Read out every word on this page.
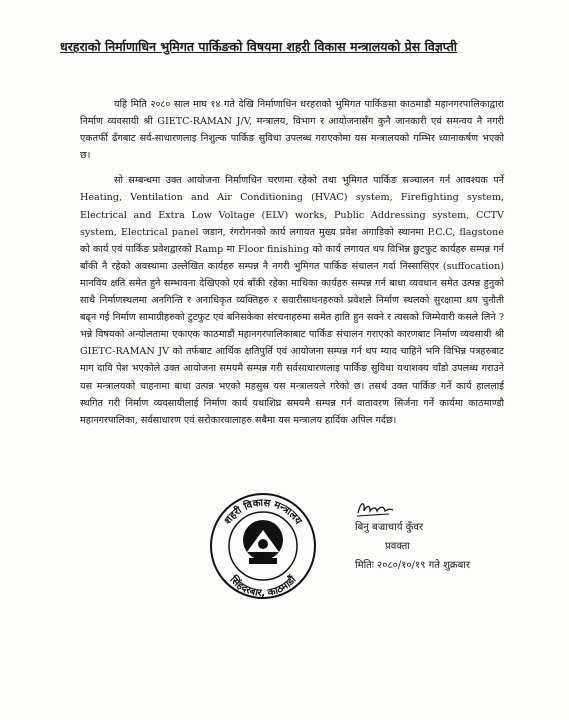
धरहराको निर्माणाधिन भुमिगत पार्किङको विषयमा शहरी विकास मन्त्रालयको प्रेस विज्ञप्ती

यहि मिति २०८० साल माघ १४ गते देखि निर्माणाधिन धरहराको भुमिगत पार्किङमा काठमाडौ महानगरपालिकाद्वारा निर्माण व्यवसायी श्री GIETC-RAMAN J/V, मन्त्रालय, विभाग र आयोजनासँग कुनै जानकारी एवं समन्वय नै नगरी एकतर्फी ढँगबाट सर्व-साधारणलाइ निशुल्क पार्किङ सुविधा उपलब्ध गराएकोमा यस मन्त्रालयको गम्भिर ध्यानाकर्षण भएको छ।

सो सम्बन्धमा उक्त आयोजना निर्माणधिन चरणमा रहेको तथा भुमिगत पार्किङ सञ्चालन गर्न आवश्यक पर्ने Heating, Ventilation and Air Conditioning (HVAC) system, Firefighting system, Electrical and Extra Low Voltage (ELV) works, Public Addressing system, CCTV system, Electrical panel जडान, रंगरोगनको कार्य लगायत मुख्य प्रवेश अगाडिको स्थानमा P.C.C, flagstone को कार्य एवं पार्किङ प्रवेशद्वारको Ramp मा Floor finishing को कार्य लगायत थप विभिन्न छुटफुट कार्यहरु सम्पन्न गर्न बाँकी नै रहेको अवस्थामा उल्लेखित कार्यहरु सम्पन्न नै नगरी भुमिगत पार्किङ संचालन गर्दा निस्सासिएर (suffocation) मानविय क्षति समेत हुने सम्भावना देखिएको एवं बाँकी रहेका माथिका कार्यहरु सम्पन्न गर्न बाधा व्यवधान समेत उत्पन्न हुनुको साथै निर्माणस्थलमा अनगिन्ति र अनाधिकृत व्यक्तिहरु र सवारीसाधनहरुको प्रवेशले निर्माण स्थलको सुरक्षामा थप चुनौती बढ्न गई निर्माण सामाग्रीहरुको टुटफुट एवं बनिसकेका संरचनाहरुमा समेत हाति हुन सक्ने र त्यसको जिम्मेवारी कसले लिने ? भन्ने विषयको अन्योलतामा एकाएक काठमाडौं महानगरपालिकाबाट पार्किङ संचालन गराएको कारणबाट निर्माण व्यवसायी श्री GIETC-RAMAN JV को तर्फबाट आर्थिक क्षतिपुर्ति एवं आयोजना सम्पन्न गर्न थप म्याद चाहिने भनि विभिन्न पत्रहरुबाट माग दावि पेश भएकोले उक्त आयोजना समयमै सम्पन्न गरी सर्वसाधारणलाइ पार्किङ सुविधा यथाशक्य चाँडो उपलब्ध गराउने यस मन्त्रालयको चाहनामा बाधा उत्पन्न भएको महसुस यस मन्त्रालयले गरेको छ। तसर्थ उक्त पार्किङ गर्ने कार्य हाललाई स्थगित गरी निर्माण व्यवसायीलाई निर्माण कार्य यथाशिघ्र समयमै सम्पन्न गर्न वातावरण सिर्जना गर्ने कार्यमा काठमाण्डौ महानगरपालिका, सर्वसाधारण एवं सरोकारवालाहरु सबैमा यस मन्त्रालय हार्दिक अपिल गर्दछ।

शहरी विकास मन्त्रालय
सिंहदरबार, काठमाडौं
बिनु बज्राचार्य कुँवर
प्रवक्ता
मितिः २०८०/१०/१९ गते शुक्रबार
